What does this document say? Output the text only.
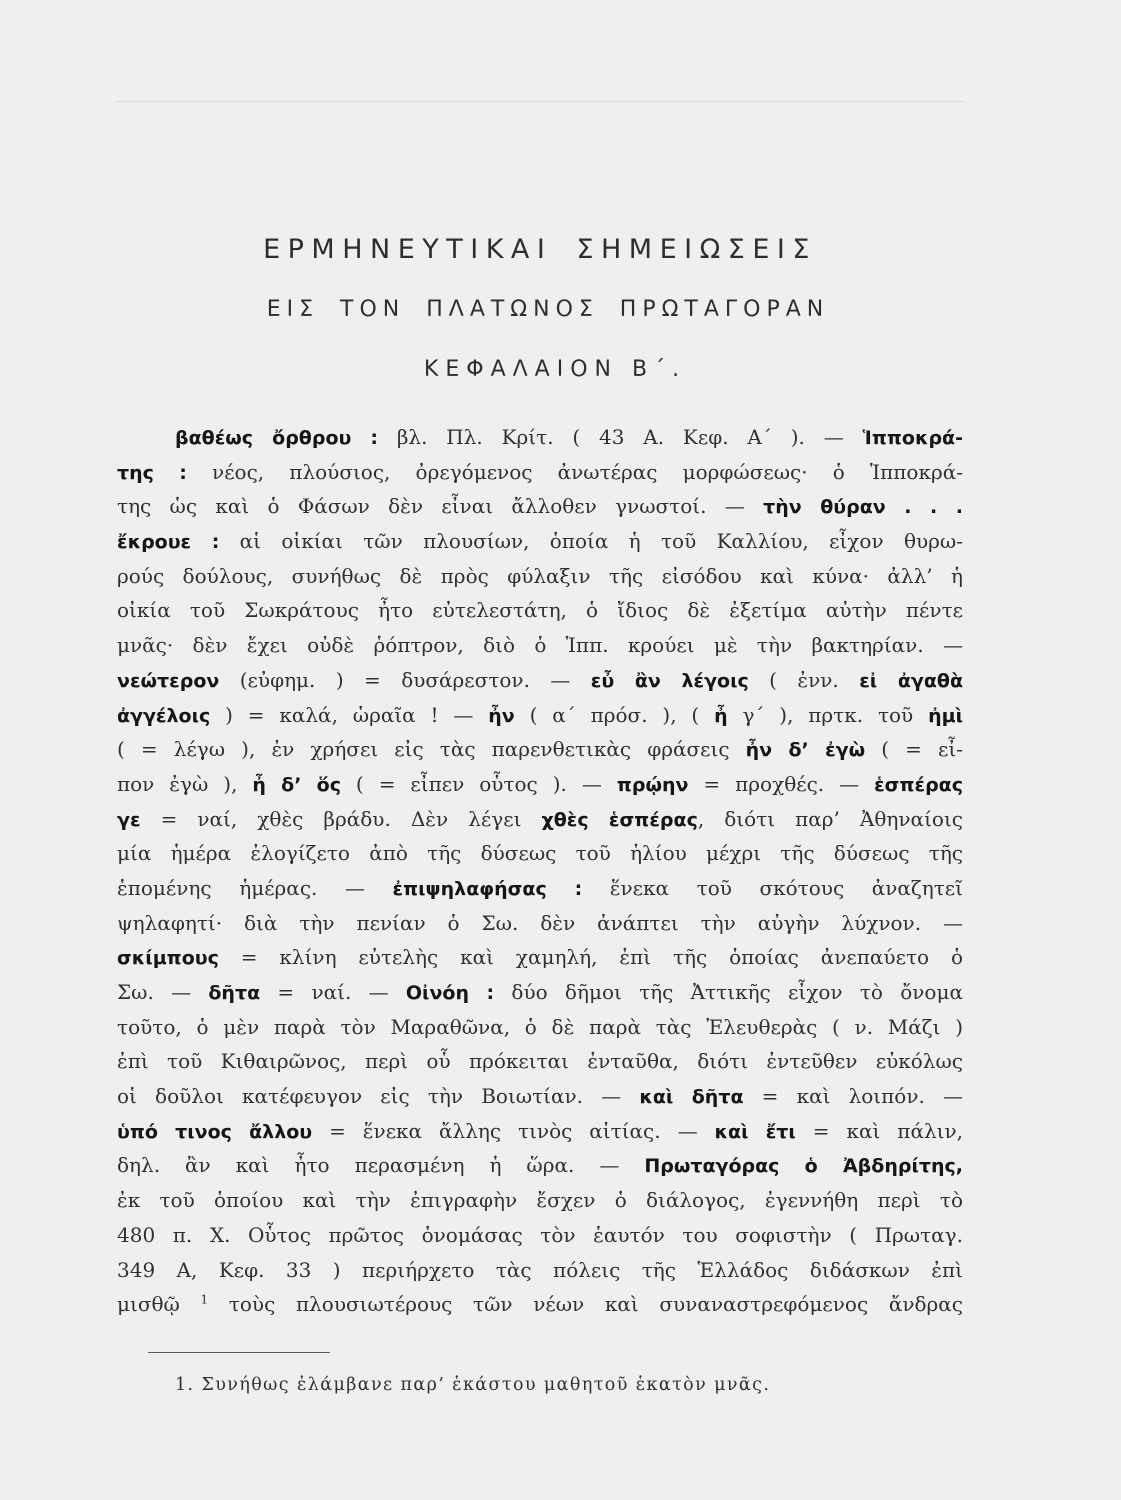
ΕΡΜΗΝΕΥΤΙΚΑΙ ΣΗΜΕΙΩΣΕΙΣ
ΕΙΣ ΤΟΝ ΠΛΑΤΩΝΟΣ ΠΡΩΤΑΓΟΡΑΝ
ΚΕΦΑΛΑΙΟΝ Β΄.
βαθέως ὄρθρου : βλ. Πλ. Κρίτ. ( 43 Α. Κεφ. Α΄ ). — Ἱπποκρά-
της : νέος, πλούσιος, ὀρεγόμενος ἀνωτέρας μορφώσεως· ὁ Ἱπποκρά-
της ὡς καὶ ὁ Φάσων δὲν εἶναι ἄλλοθεν γνωστοί. — τὴν θύραν . . .
ἔκρουε : αἱ οἰκίαι τῶν πλουσίων, ὁποία ἡ τοῦ Καλλίου, εἶχον θυρω-
ρούς δούλους, συνήθως δὲ πρὸς φύλαξιν τῆς εἰσόδου καὶ κύνα· ἀλλ’ ἡ
οἰκία τοῦ Σωκράτους ἦτο εὐτελεστάτη, ὁ ἴδιος δὲ ἐξετίμα αὐτὴν πέντε
μνᾶς· δὲν ἔχει οὐδὲ ῥόπτρον, διὸ ὁ Ἱππ. κρούει μὲ τὴν βακτηρίαν. —
νεώτερον (εὐφημ. ) = δυσάρεστον. — εὖ ἂν λέγοις ( ἐνν. εἰ ἀγαθὰ
ἀγγέλοις ) = καλά, ὡραῖα ! — ἦν ( α΄ πρόσ. ), ( ἦ γ΄ ), πρτκ. τοῦ ἠμὶ
( = λέγω ), ἐν χρήσει εἰς τὰς παρενθετικὰς φράσεις ἦν δ’ ἐγὼ ( = εἶ-
πον ἐγὼ ), ἦ δ’ ὅς ( = εἶπεν οὗτος ). — πρῴην = προχθές. — ἑσπέρας
γε = ναί, χθὲς βράδυ. Δὲν λέγει χθὲς ἑσπέρας, διότι παρ’ Ἀθηναίοις
μία ἡμέρα ἐλογίζετο ἀπὸ τῆς δύσεως τοῦ ἡλίου μέχρι τῆς δύσεως τῆς
ἑπομένης ἡμέρας. — ἐπιψηλαφήσας : ἕνεκα τοῦ σκότους ἀναζητεῖ
ψηλαφητί· διὰ τὴν πενίαν ὁ Σω. δὲν ἀνάπτει τὴν αὐγὴν λύχνον. —
σκίμπους = κλίνη εὐτελὴς καὶ χαμηλή, ἐπὶ τῆς ὁποίας ἀνεπαύετο ὁ
Σω. — δῆτα = ναί. — Οἰνόη : δύο δῆμοι τῆς Ἀττικῆς εἶχον τὸ ὄνομα
τοῦτο, ὁ μὲν παρὰ τὸν Μαραθῶνα, ὁ δὲ παρὰ τὰς Ἐλευθερὰς ( ν. Μάζι )
ἐπὶ τοῦ Κιθαιρῶνος, περὶ οὗ πρόκειται ἐνταῦθα, διότι ἐντεῦθεν εὐκόλως
οἱ δοῦλοι κατέφευγον εἰς τὴν Βοιωτίαν. — καὶ δῆτα = καὶ λοιπόν. —
ὑπό τινος ἄλλου = ἕνεκα ἄλλης τινὸς αἰτίας. — καὶ ἔτι = καὶ πάλιν,
δηλ. ἂν καὶ ἦτο περασμένη ἡ ὥρα. — Πρωταγόρας ὁ Ἀβδηρίτης,
ἐκ τοῦ ὁποίου καὶ τὴν ἐπιγραφὴν ἔσχεν ὁ διάλογος, ἐγεννήθη περὶ τὸ
480 π. Χ. Οὗτος πρῶτος ὀνομάσας τὸν ἑαυτόν του σοφιστὴν ( Πρωταγ.
349 Α, Κεφ. 33 ) περιήρχετο τὰς πόλεις τῆς Ἑλλάδος διδάσκων ἐπὶ
μισθῷ $^1$ τοὺς πλουσιωτέρους τῶν νέων καὶ συναναστρεφόμενος ἄνδρας
1. Συνήθως ἐλάμβανε παρ’ ἑκάστου μαθητοῦ ἑκατὸν μνᾶς.
